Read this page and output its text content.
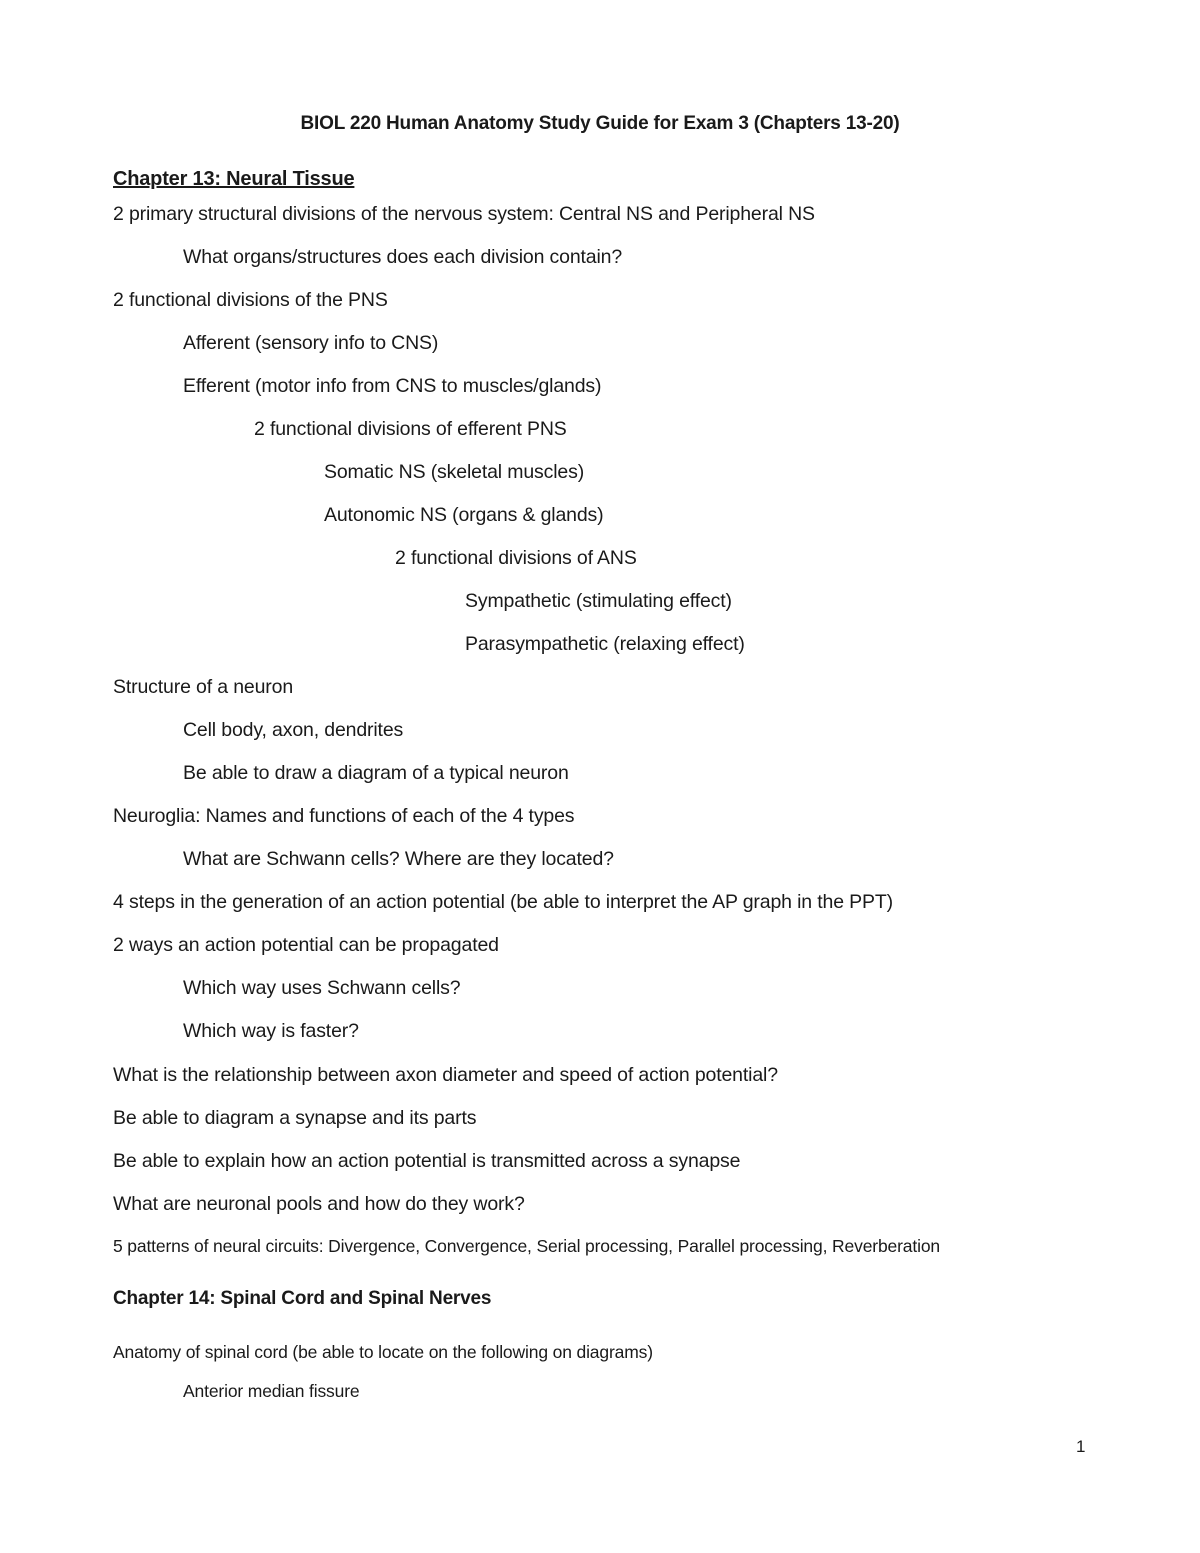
BIOL 220 Human Anatomy Study Guide for Exam 3 (Chapters 13-20)
Chapter 13: Neural Tissue
2 primary structural divisions of the nervous system: Central NS and Peripheral NS
What organs/structures does each division contain?
2 functional divisions of the PNS
Afferent (sensory info to CNS)
Efferent (motor info from CNS to muscles/glands)
2 functional divisions of efferent PNS
Somatic NS (skeletal muscles)
Autonomic NS (organs & glands)
2 functional divisions of ANS
Sympathetic (stimulating effect)
Parasympathetic (relaxing effect)
Structure of a neuron
Cell body, axon, dendrites
Be able to draw a diagram of a typical neuron
Neuroglia: Names and functions of each of the 4 types
What are Schwann cells? Where are they located?
4 steps in the generation of an action potential (be able to interpret the AP graph in the PPT)
2 ways an action potential can be propagated
Which way uses Schwann cells?
Which way is faster?
What is the relationship between axon diameter and speed of action potential?
Be able to diagram a synapse and its parts
Be able to explain how an action potential is transmitted across a synapse
What are neuronal pools and how do they work?
5 patterns of neural circuits: Divergence, Convergence, Serial processing, Parallel processing, Reverberation
Chapter 14: Spinal Cord and Spinal Nerves
Anatomy of spinal cord (be able to locate on the following on diagrams)
Anterior median fissure
1
